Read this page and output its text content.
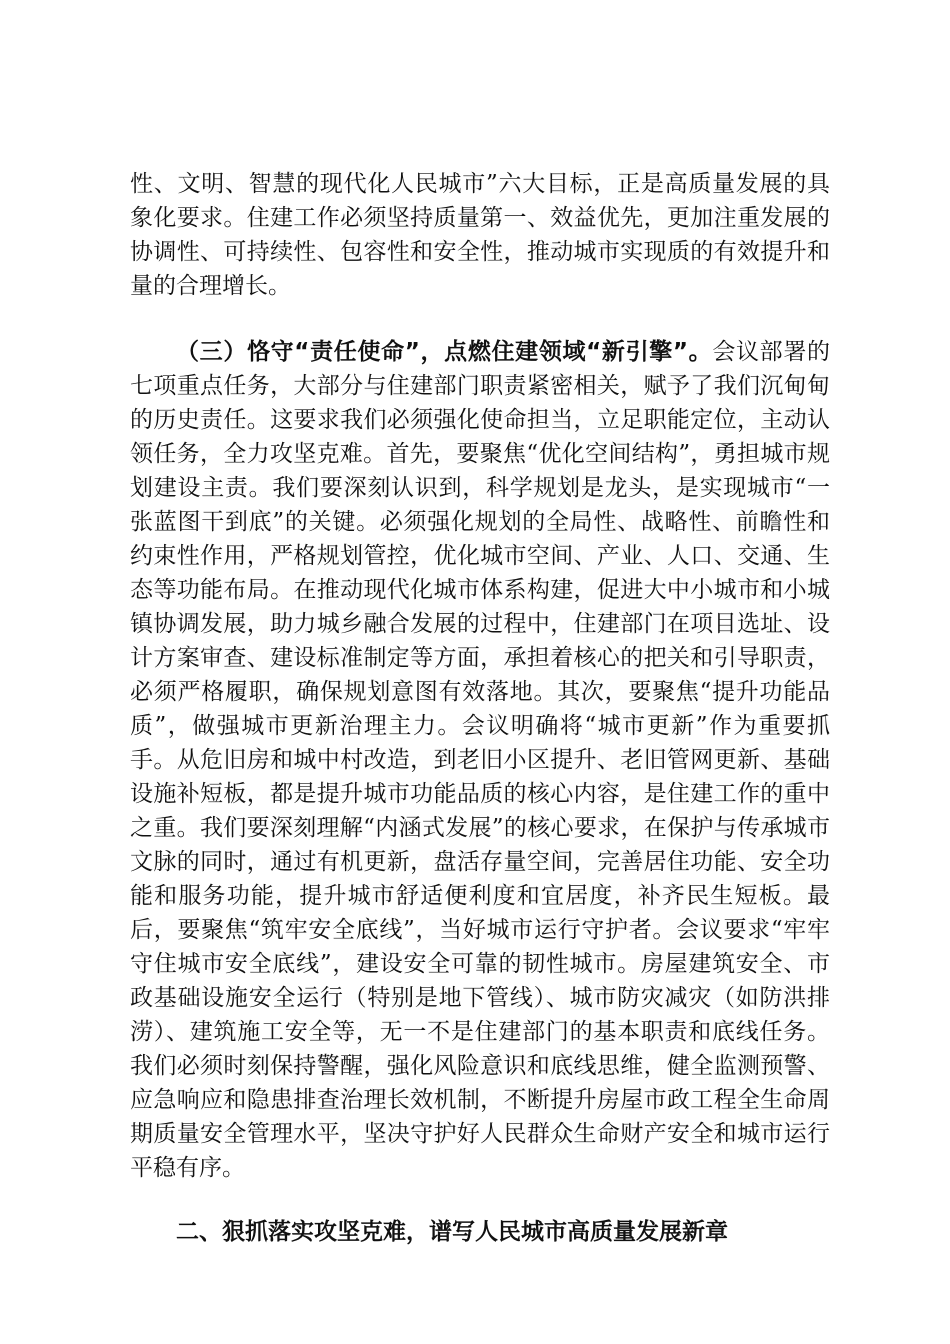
性、文明、智慧的现代化人民城市”六大目标，正是高质量发展的具象化要求。住建工作必须坚持质量第一、效益优先，更加注重发展的协调性、可持续性、包容性和安全性，推动城市实现质的有效提升和量的合理增长。

（三）恪守“责任使命”，点燃住建领域“新引擎”。会议部署的七项重点任务，大部分与住建部门职责紧密相关，赋予了我们沉甸甸的历史责任。这要求我们必须强化使命担当，立足职能定位，主动认领任务，全力攻坚克难。首先，要聚焦“优化空间结构”，勇担城市规划建设主责。我们要深刻认识到，科学规划是龙头，是实现城市“一张蓝图干到底”的关键。必须强化规划的全局性、战略性、前瞻性和约束性作用，严格规划管控，优化城市空间、产业、人口、交通、生态等功能布局。在推动现代化城市体系构建，促进大中小城市和小城镇协调发展，助力城乡融合发展的过程中，住建部门在项目选址、设计方案审查、建设标准制定等方面，承担着核心的把关和引导职责，必须严格履职，确保规划意图有效落地。其次，要聚焦“提升功能品质”，做强城市更新治理主力。会议明确将“城市更新”作为重要抓手。从危旧房和城中村改造，到老旧小区提升、老旧管网更新、基础设施补短板，都是提升城市功能品质的核心内容，是住建工作的重中之重。我们要深刻理解“内涵式发展”的核心要求，在保护与传承城市文脉的同时，通过有机更新，盘活存量空间，完善居住功能、安全功能和服务功能，提升城市舒适便利度和宜居度，补齐民生短板。最后，要聚焦“筑牢安全底线”，当好城市运行守护者。会议要求“牢牢守住城市安全底线”，建设安全可靠的韧性城市。房屋建筑安全、市政基础设施安全运行（特别是地下管线）、城市防灾减灾（如防洪排涝）、建筑施工安全等，无一不是住建部门的基本职责和底线任务。我们必须时刻保持警醒，强化风险意识和底线思维，健全监测预警、应急响应和隐患排查治理长效机制，不断提升房屋市政工程全生命周期质量安全管理水平，坚决守护好人民群众生命财产安全和城市运行平稳有序。

二、狠抓落实攻坚克难，谱写人民城市高质量发展新章
